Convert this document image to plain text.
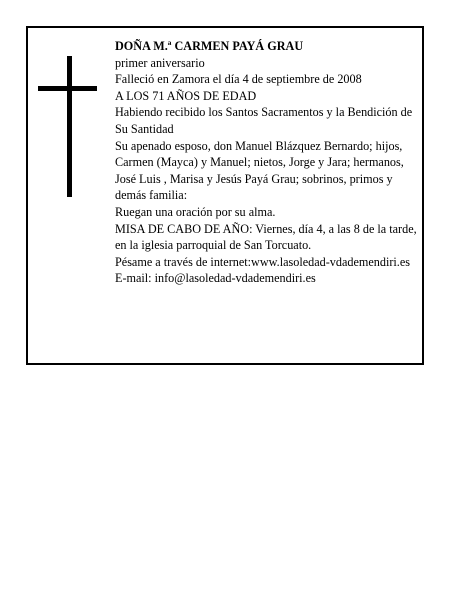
DOÑA M.ª CARMEN PAYÁ GRAU

primer aniversario

Falleció en Zamora el día 4 de septiembre de 2008

A LOS 71 AÑOS DE EDAD

Habiendo recibido los Santos Sacramentos y la Bendición de Su Santidad

Su apenado esposo, don Manuel Blázquez Bernardo; hijos, Carmen (Mayca) y Manuel; nietos, Jorge y Jara; hermanos, José Luis , Marisa y Jesús Payá Grau; sobrinos, primos y demás familia:

Ruegan una oración por su alma.

MISA DE CABO DE AÑO: Viernes, día 4, a las 8 de la tarde, en la iglesia parroquial de San Torcuato.

Pésame a través de internet:www.lasoledad-vdademendiri.es

E-mail: info@lasoledad-vdademendiri.es
